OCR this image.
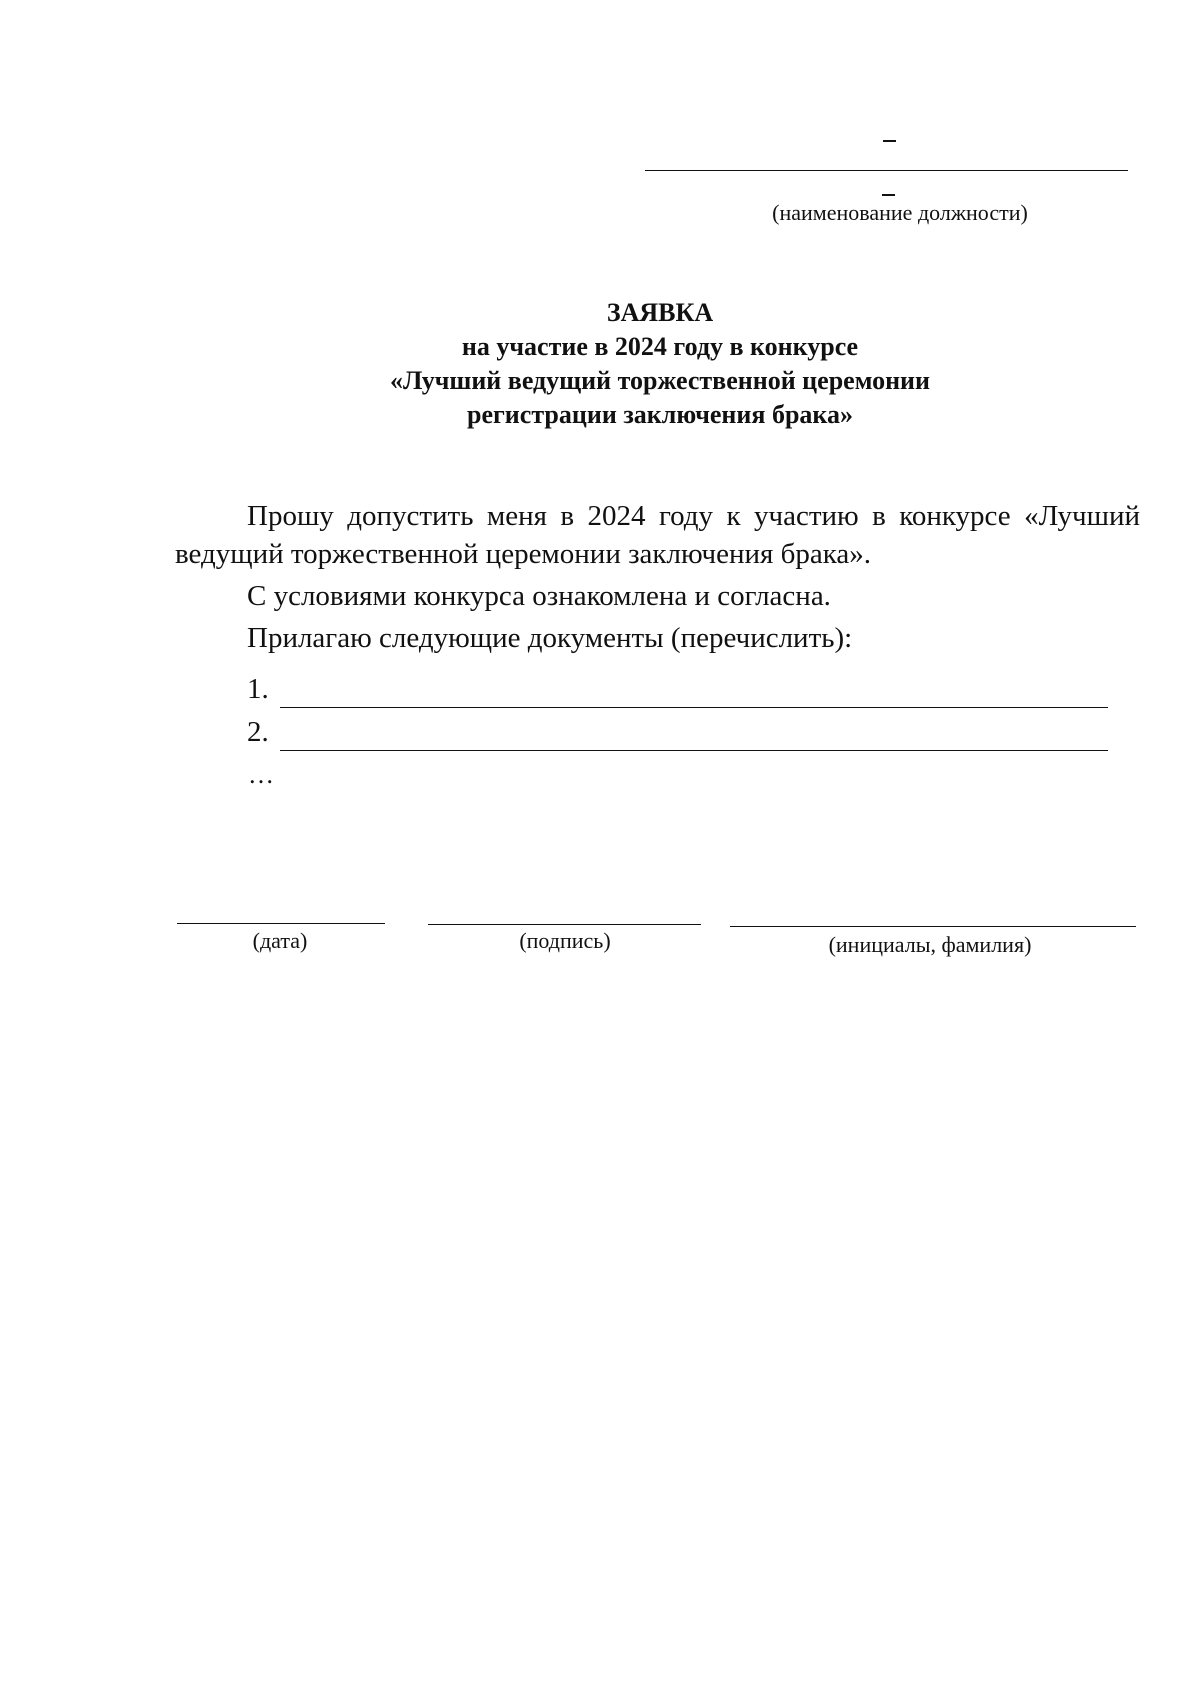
(наименование должности)
ЗАЯВКА
на участие в 2024 году в конкурсе
«Лучший ведущий торжественной церемонии
регистрации заключения брака»

Прошу допустить меня в 2024 году к участию в конкурсе «Лучший ведущий торжественной церемонии заключения брака».

С условиями конкурса ознакомлена и согласна.

Прилагаю следующие документы (перечислить):

1.
2.
…
(дата)	(подпись)	(инициалы, фамилия)
